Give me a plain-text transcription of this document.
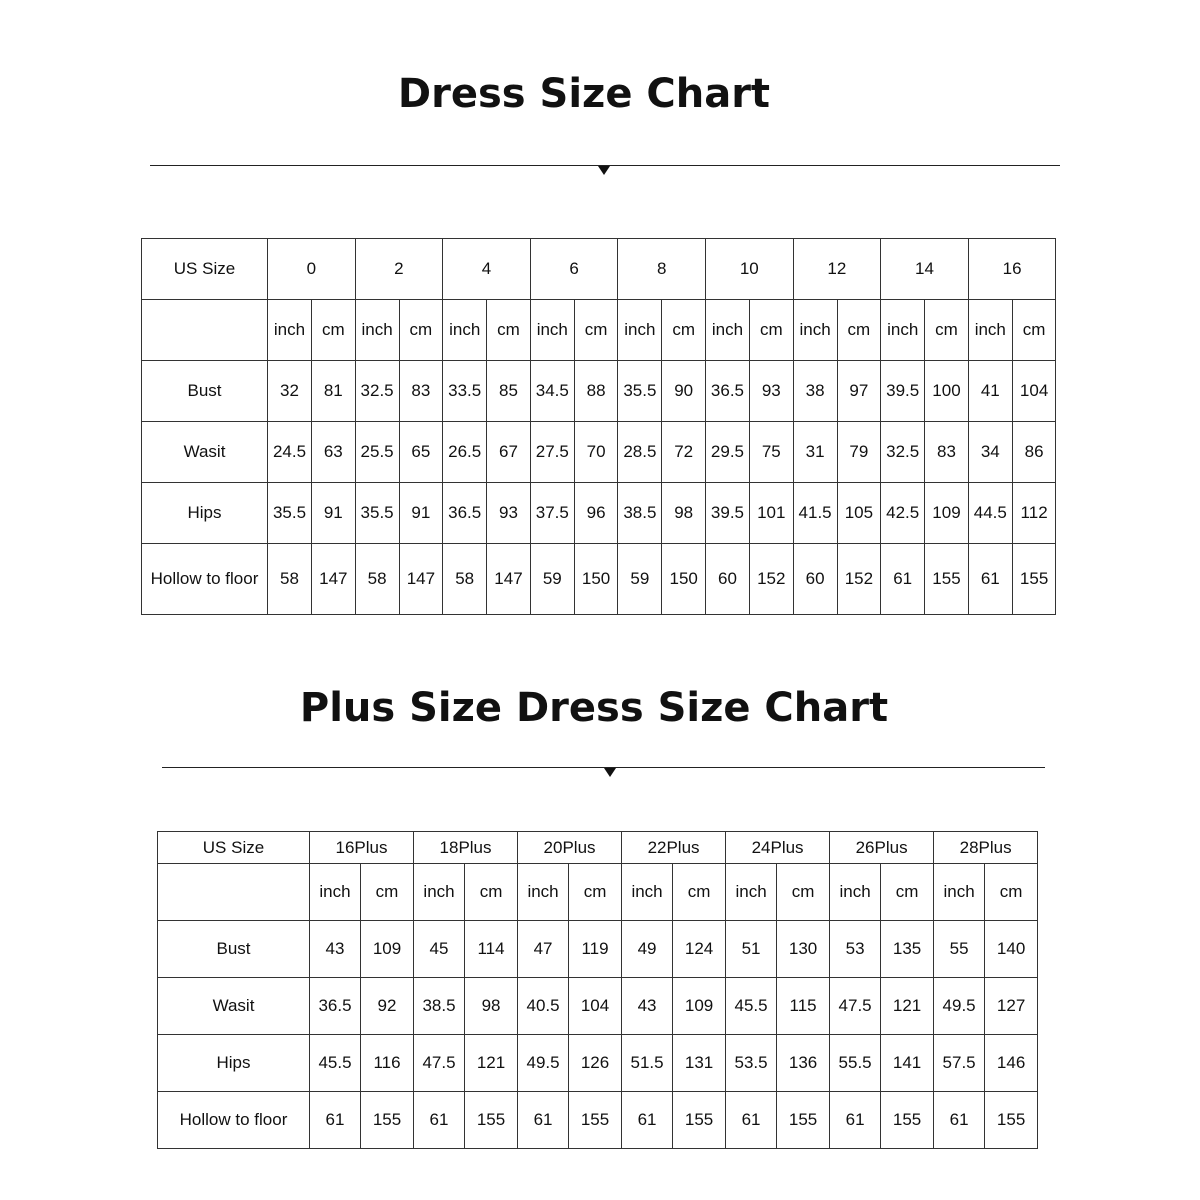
Dress Size Chart
US Size	0		2		4		6		8		10		12		14		16	
	inch	cm	inch	cm	inch	cm	inch	cm	inch	cm	inch	cm	inch	cm	inch	cm	inch	cm
Bust	32	81	32.5	83	33.5	85	34.5	88	35.5	90	36.5	93	38	97	39.5	100	41	104
Wasit	24.5	63	25.5	65	26.5	67	27.5	70	28.5	72	29.5	75	31	79	32.5	83	34	86
Hips	35.5	91	35.5	91	36.5	93	37.5	96	38.5	98	39.5	101	41.5	105	42.5	109	44.5	112
Hollow to floor	58	147	58	147	58	147	59	150	59	150	60	152	60	152	61	155	61	155
Plus Size Dress Size Chart
US Size	16Plus		18Plus		20Plus		22Plus		24Plus		26Plus		28Plus	
	inch	cm	inch	cm	inch	cm	inch	cm	inch	cm	inch	cm	inch	cm
Bust	43	109	45	114	47	119	49	124	51	130	53	135	55	140
Wasit	36.5	92	38.5	98	40.5	104	43	109	45.5	115	47.5	121	49.5	127
Hips	45.5	116	47.5	121	49.5	126	51.5	131	53.5	136	55.5	141	57.5	146
Hollow to floor	61	155	61	155	61	155	61	155	61	155	61	155	61	155
